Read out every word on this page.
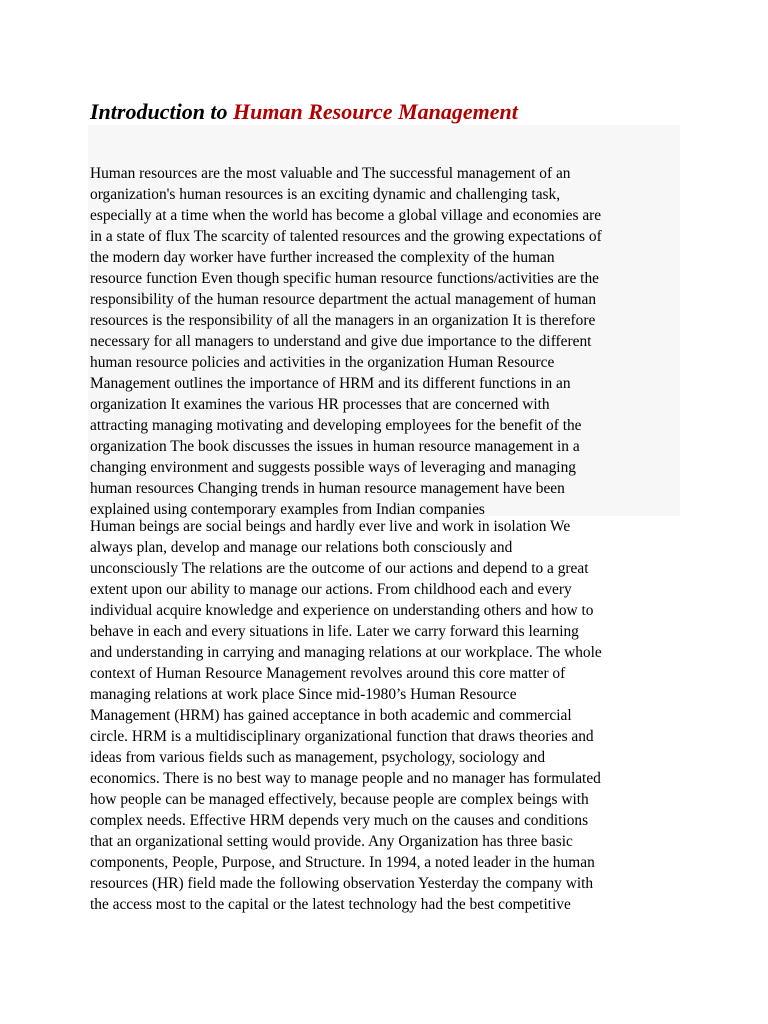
Introduction to Human Resource Management

Human resources are the most valuable and The successful management of an
organization's human resources is an exciting dynamic and challenging task,
especially at a time when the world has become a global village and economies are
in a state of flux The scarcity of talented resources and the growing expectations of
the modern day worker have further increased the complexity of the human
resource function Even though specific human resource functions/activities are the
responsibility of the human resource department the actual management of human
resources is the responsibility of all the managers in an organization It is therefore
necessary for all managers to understand and give due importance to the different
human resource policies and activities in the organization Human Resource
Management outlines the importance of HRM and its different functions in an
organization It examines the various HR processes that are concerned with
attracting managing motivating and developing employees for the benefit of the
organization The book discusses the issues in human resource management in a
changing environment and suggests possible ways of leveraging and managing
human resources Changing trends in human resource management have been
explained using contemporary examples from Indian companies

Human beings are social beings and hardly ever live and work in isolation We
always plan, develop and manage our relations both consciously and
unconsciously The relations are the outcome of our actions and depend to a great
extent upon our ability to manage our actions. From childhood each and every
individual acquire knowledge and experience on understanding others and how to
behave in each and every situations in life. Later we carry forward this learning
and understanding in carrying and managing relations at our workplace. The whole
context of Human Resource Management revolves around this core matter of
managing relations at work place Since mid-1980’s Human Resource
Management (HRM) has gained acceptance in both academic and commercial
circle. HRM is a multidisciplinary organizational function that draws theories and
ideas from various fields such as management, psychology, sociology and
economics. There is no best way to manage people and no manager has formulated
how people can be managed effectively, because people are complex beings with
complex needs. Effective HRM depends very much on the causes and conditions
that an organizational setting would provide. Any Organization has three basic
components, People, Purpose, and Structure. In 1994, a noted leader in the human
resources (HR) field made the following observation Yesterday the company with
the access most to the capital or the latest technology had the best competitive
